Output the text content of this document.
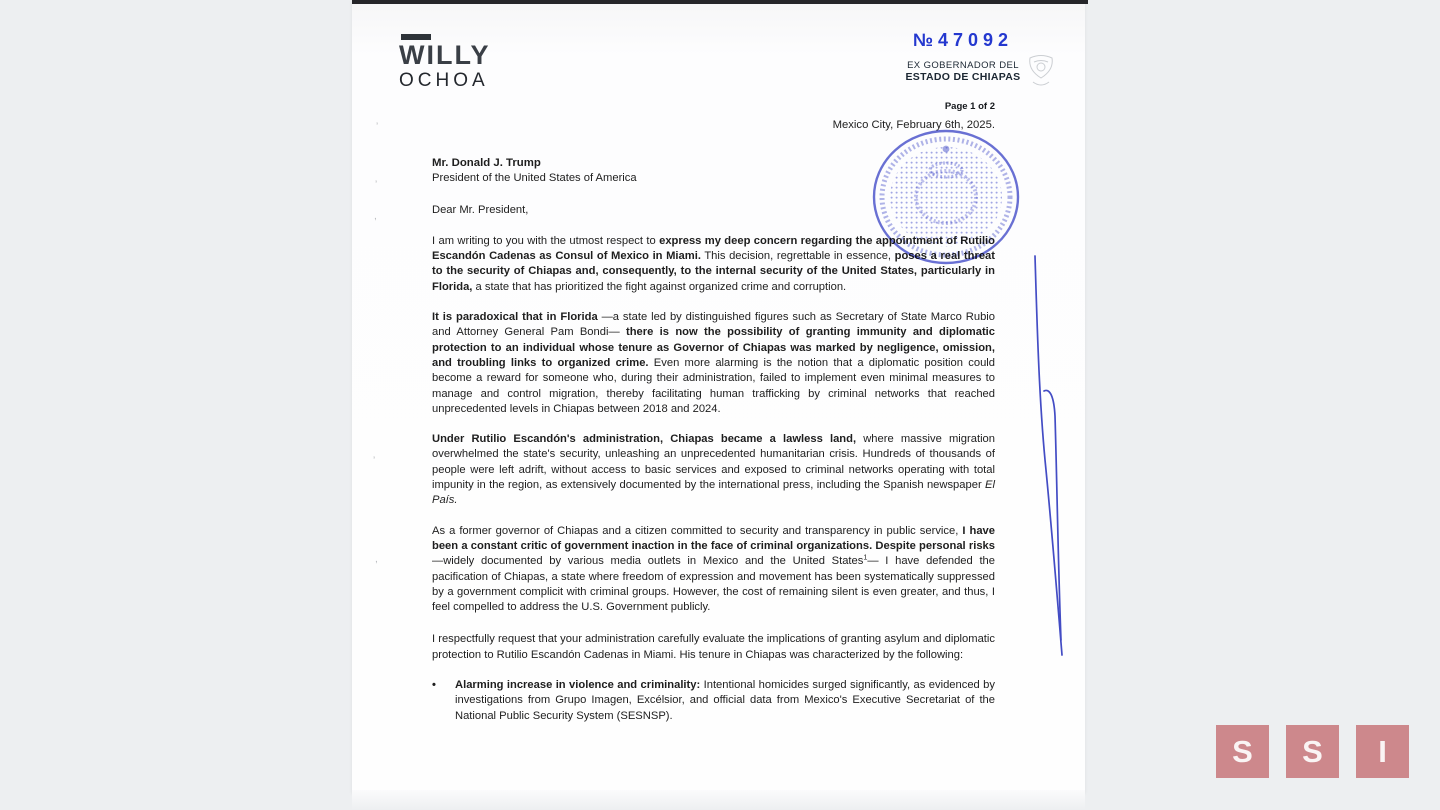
WILLY
OCHOA
№ 47092
EX GOBERNADOR DEL
ESTADO DE CHIAPAS
Page 1 of 2
Mexico City, February 6th, 2025.
Mr. Donald J. Trump
President of the United States of America
Dear Mr. President,

I am writing to you with the utmost respect to express my deep concern regarding the appointment of Rutilio Escandón Cadenas as Consul of Mexico in Miami. This decision, regrettable in essence, poses a real threat to the security of Chiapas and, consequently, to the internal security of the United States, particularly in Florida, a state that has prioritized the fight against organized crime and corruption.

It is paradoxical that in Florida —a state led by distinguished figures such as Secretary of State Marco Rubio and Attorney General Pam Bondi— there is now the possibility of granting immunity and diplomatic protection to an individual whose tenure as Governor of Chiapas was marked by negligence, omission, and troubling links to organized crime. Even more alarming is the notion that a diplomatic position could become a reward for someone who, during their administration, failed to implement even minimal measures to manage and control migration, thereby facilitating human trafficking by criminal networks that reached unprecedented levels in Chiapas between 2018 and 2024.

Under Rutilio Escandón's administration, Chiapas became a lawless land, where massive migration overwhelmed the state's security, unleashing an unprecedented humanitarian crisis. Hundreds of thousands of people were left adrift, without access to basic services and exposed to criminal networks operating with total impunity in the region, as extensively documented by the international press, including the Spanish newspaper El País.

As a former governor of Chiapas and a citizen committed to security and transparency in public service, I have been a constant critic of government inaction in the face of criminal organizations. Despite personal risks —widely documented by various media outlets in Mexico and the United States$^1$— I have defended the pacification of Chiapas, a state where freedom of expression and movement has been systematically suppressed by a government complicit with criminal groups. However, the cost of remaining silent is even greater, and thus, I feel compelled to address the U.S. Government publicly.

I respectfully request that your administration carefully evaluate the implications of granting asylum and diplomatic protection to Rutilio Escandón Cadenas in Miami. His tenure in Chiapas was characterized by the following:

•	Alarming increase in violence and criminality: Intentional homicides surged significantly, as evidenced by investigations from Grupo Imagen, Excélsior, and official data from Mexico's Executive Secretariat of the National Public Security System (SESNSP).
ʼ
ʼ
,
ʼ
,
S S I
